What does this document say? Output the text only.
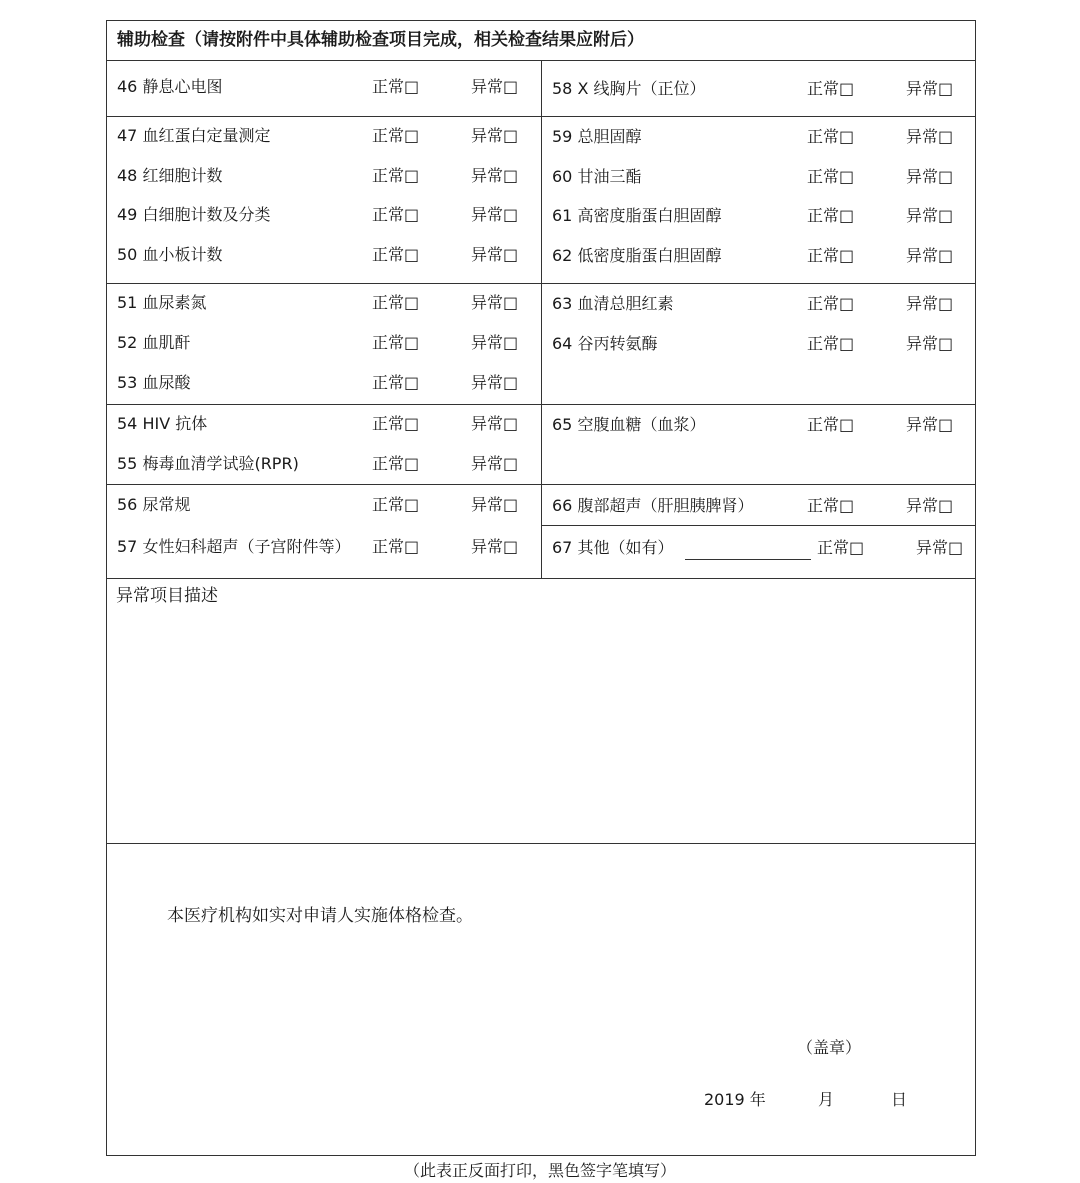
辅助检查（请按附件中具体辅助检查项目完成，相关检查结果应附后）
46 静息心电图	正常□	异常□
47 血红蛋白定量测定	正常□	异常□
48 红细胞计数	正常□	异常□
49 白细胞计数及分类	正常□	异常□
50 血小板计数	正常□	异常□
51 血尿素氮	正常□	异常□
52 血肌酐	正常□	异常□
53 血尿酸	正常□	异常□
54 HIV 抗体	正常□	异常□
55 梅毒血清学试验(RPR)	正常□	异常□
56 尿常规	正常□	异常□
57 女性妇科超声（子宫附件等） 正常□	异常□
58 X 线胸片（正位）	正常□	异常□
59 总胆固醇	正常□	异常□
60 甘油三酯	正常□	异常□
61 高密度脂蛋白胆固醇	正常□	异常□
62 低密度脂蛋白胆固醇	正常□	异常□
63 血清总胆红素	正常□	异常□
64 谷丙转氨酶	正常□	异常□
65 空腹血糖（血浆）	正常□	异常□
66 腹部超声（肝胆胰脾肾）	正常□	异常□
67 其他（如有）	正常□	异常□
异常项目描述
本医疗机构如实对申请人实施体格检查。
（盖章）
2019 年	月	日
（此表正反面打印，黑色签字笔填写）
